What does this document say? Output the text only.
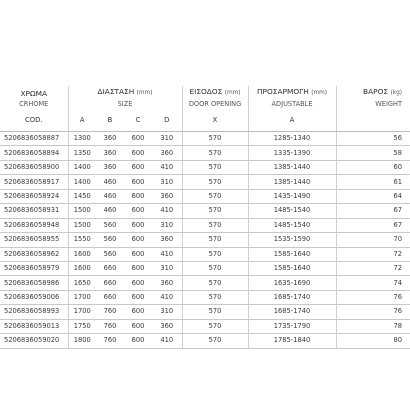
ΧΡΩΜΑ	ΔΙΑΣΤΑΣΗ (mm)				ΕΙΣΟΔΟΣ (mm)	ΠΡΟΣΑΡΜΟΓΗ (mm)	ΒΑΡΟΣ (kg)
CRHOME	SIZE				DOOR OPENING	ADJUSTABLE	WEIGHT
COD.	A	B	C	D	X	A	
5206836058887	1300	360	600	310	570	1285-1340	56
5206836058894	1350	360	600	360	570	1335-1390	58
5206836058900	1400	360	600	410	570	1385-1440	60
5206836058917	1400	460	600	310	570	1385-1440	61
5206836058924	1450	460	600	360	570	1435-1490	64
5206836058931	1500	460	600	410	570	1485-1540	67
5206836058948	1500	560	600	310	570	1485-1540	67
5206836058955	1550	560	600	360	570	1535-1590	70
5206836058962	1600	560	600	410	570	1585-1640	72
5206836058979	1600	660	600	310	570	1585-1640	72
5206836058986	1650	660	600	360	570	1635-1690	74
5206836059006	1700	660	600	410	570	1685-1740	76
5206836058993	1700	760	600	310	570	1685-1740	76
5206836059013	1750	760	600	360	570	1735-1790	78
5206836059020	1800	760	600	410	570	1785-1840	80
